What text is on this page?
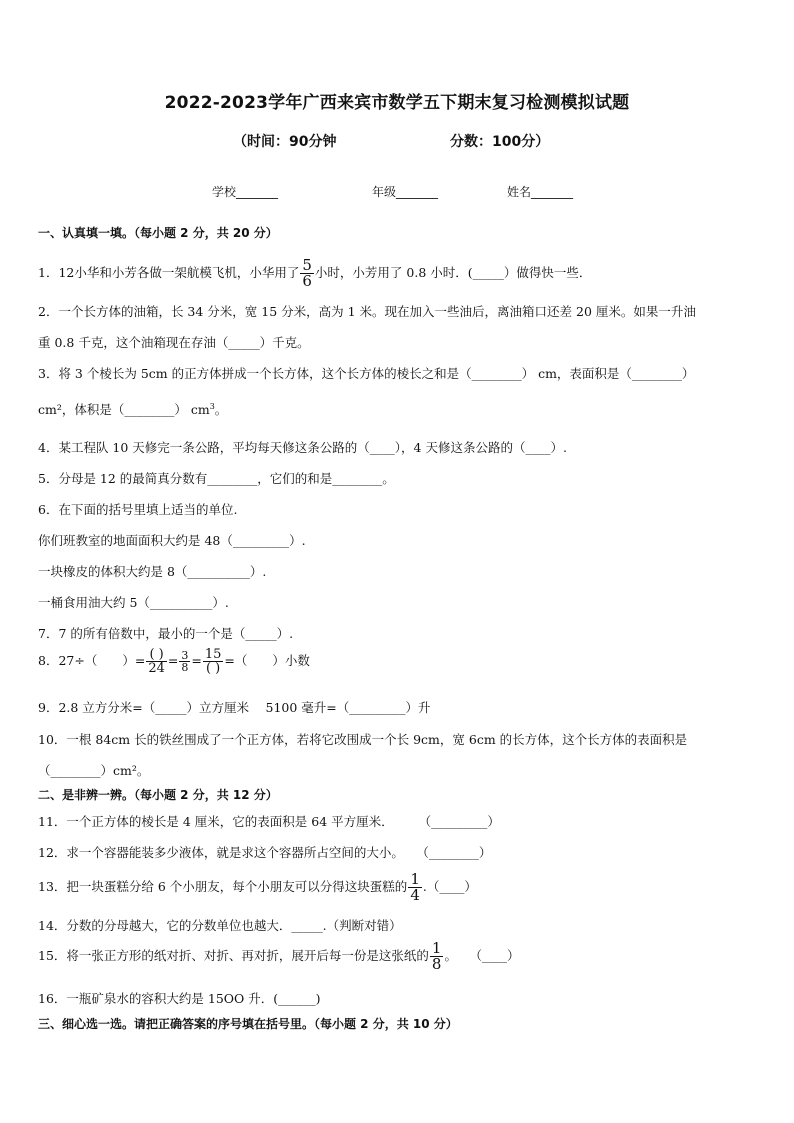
2022-2023学年广西来宾市数学五下期末复习检测模拟试题
（时间：90分钟	分数：100分）
学校_______	年级_______	姓名_______
一、认真填一填。（每小题 2 分，共 20 分）
1．12小华和小芳各做一架航模飞机，小华用了 $\frac{5}{6}$ 小时，小芳用了 0.8 小时．(_____）做得快一些．
2．一个长方体的油箱，长 34 分米，宽 15 分米，高为 1 米。现在加入一些油后，离油箱口还差 20 厘米。如果一升油
重 0.8 千克，这个油箱现在存油（_____）千克。
3．将 3 个棱长为 5cm 的正方体拼成一个长方体，这个长方体的棱长之和是（________） cm，表面积是（________）
cm²，体积是（________） $cm^3$。
4．某工程队 10 天修完一条公路，平均每天修这条公路的（____），4 天修这条公路的（____）.
5．分母是 12 的最简真分数有________，它们的和是________。
6．在下面的括号里填上适当的单位.
你们班教室的地面面积大约是 48（_________）.
一块橡皮的体积大约是 8（__________）.
一桶食用油大约 5（__________）.
7．7 的所有倍数中，最小的一个是（_____）.
8．27÷（　　）= $\frac{( )}{24} = \frac{3}{8} = \frac{15}{( )}$ =（　　）小数
9．2.8 立方分米=（_____）立方厘米　 5100 毫升=（_________）升
10．一根 84cm 长的铁丝围成了一个正方体，若将它改围成一个长 9cm，宽 6cm 的长方体，这个长方体的表面积是
（________）cm²。
二、是非辨一辨。（每小题 2 分，共 12 分）
11．一个正方体的棱长是 4 厘米，它的表面积是 64 平方厘米．　　　（_________）
12．求一个容器能装多少液体，就是求这个容器所占空间的大小。　　（________）
13．把一块蛋糕分给 6 个小朋友，每个小朋友可以分得这块蛋糕的 $\frac{1}{4}$ .（____）
14．分数的分母越大，它的分数单位也越大．_____.（判断对错）
15．将一张正方形的纸对折、对折、再对折，展开后每一份是这张纸的 $\frac{1}{8}$ 。　　（____）
16．一瓶矿泉水的容积大约是 15OO 升．(______)
三、细心选一选。请把正确答案的序号填在括号里。（每小题 2 分，共 10 分）
